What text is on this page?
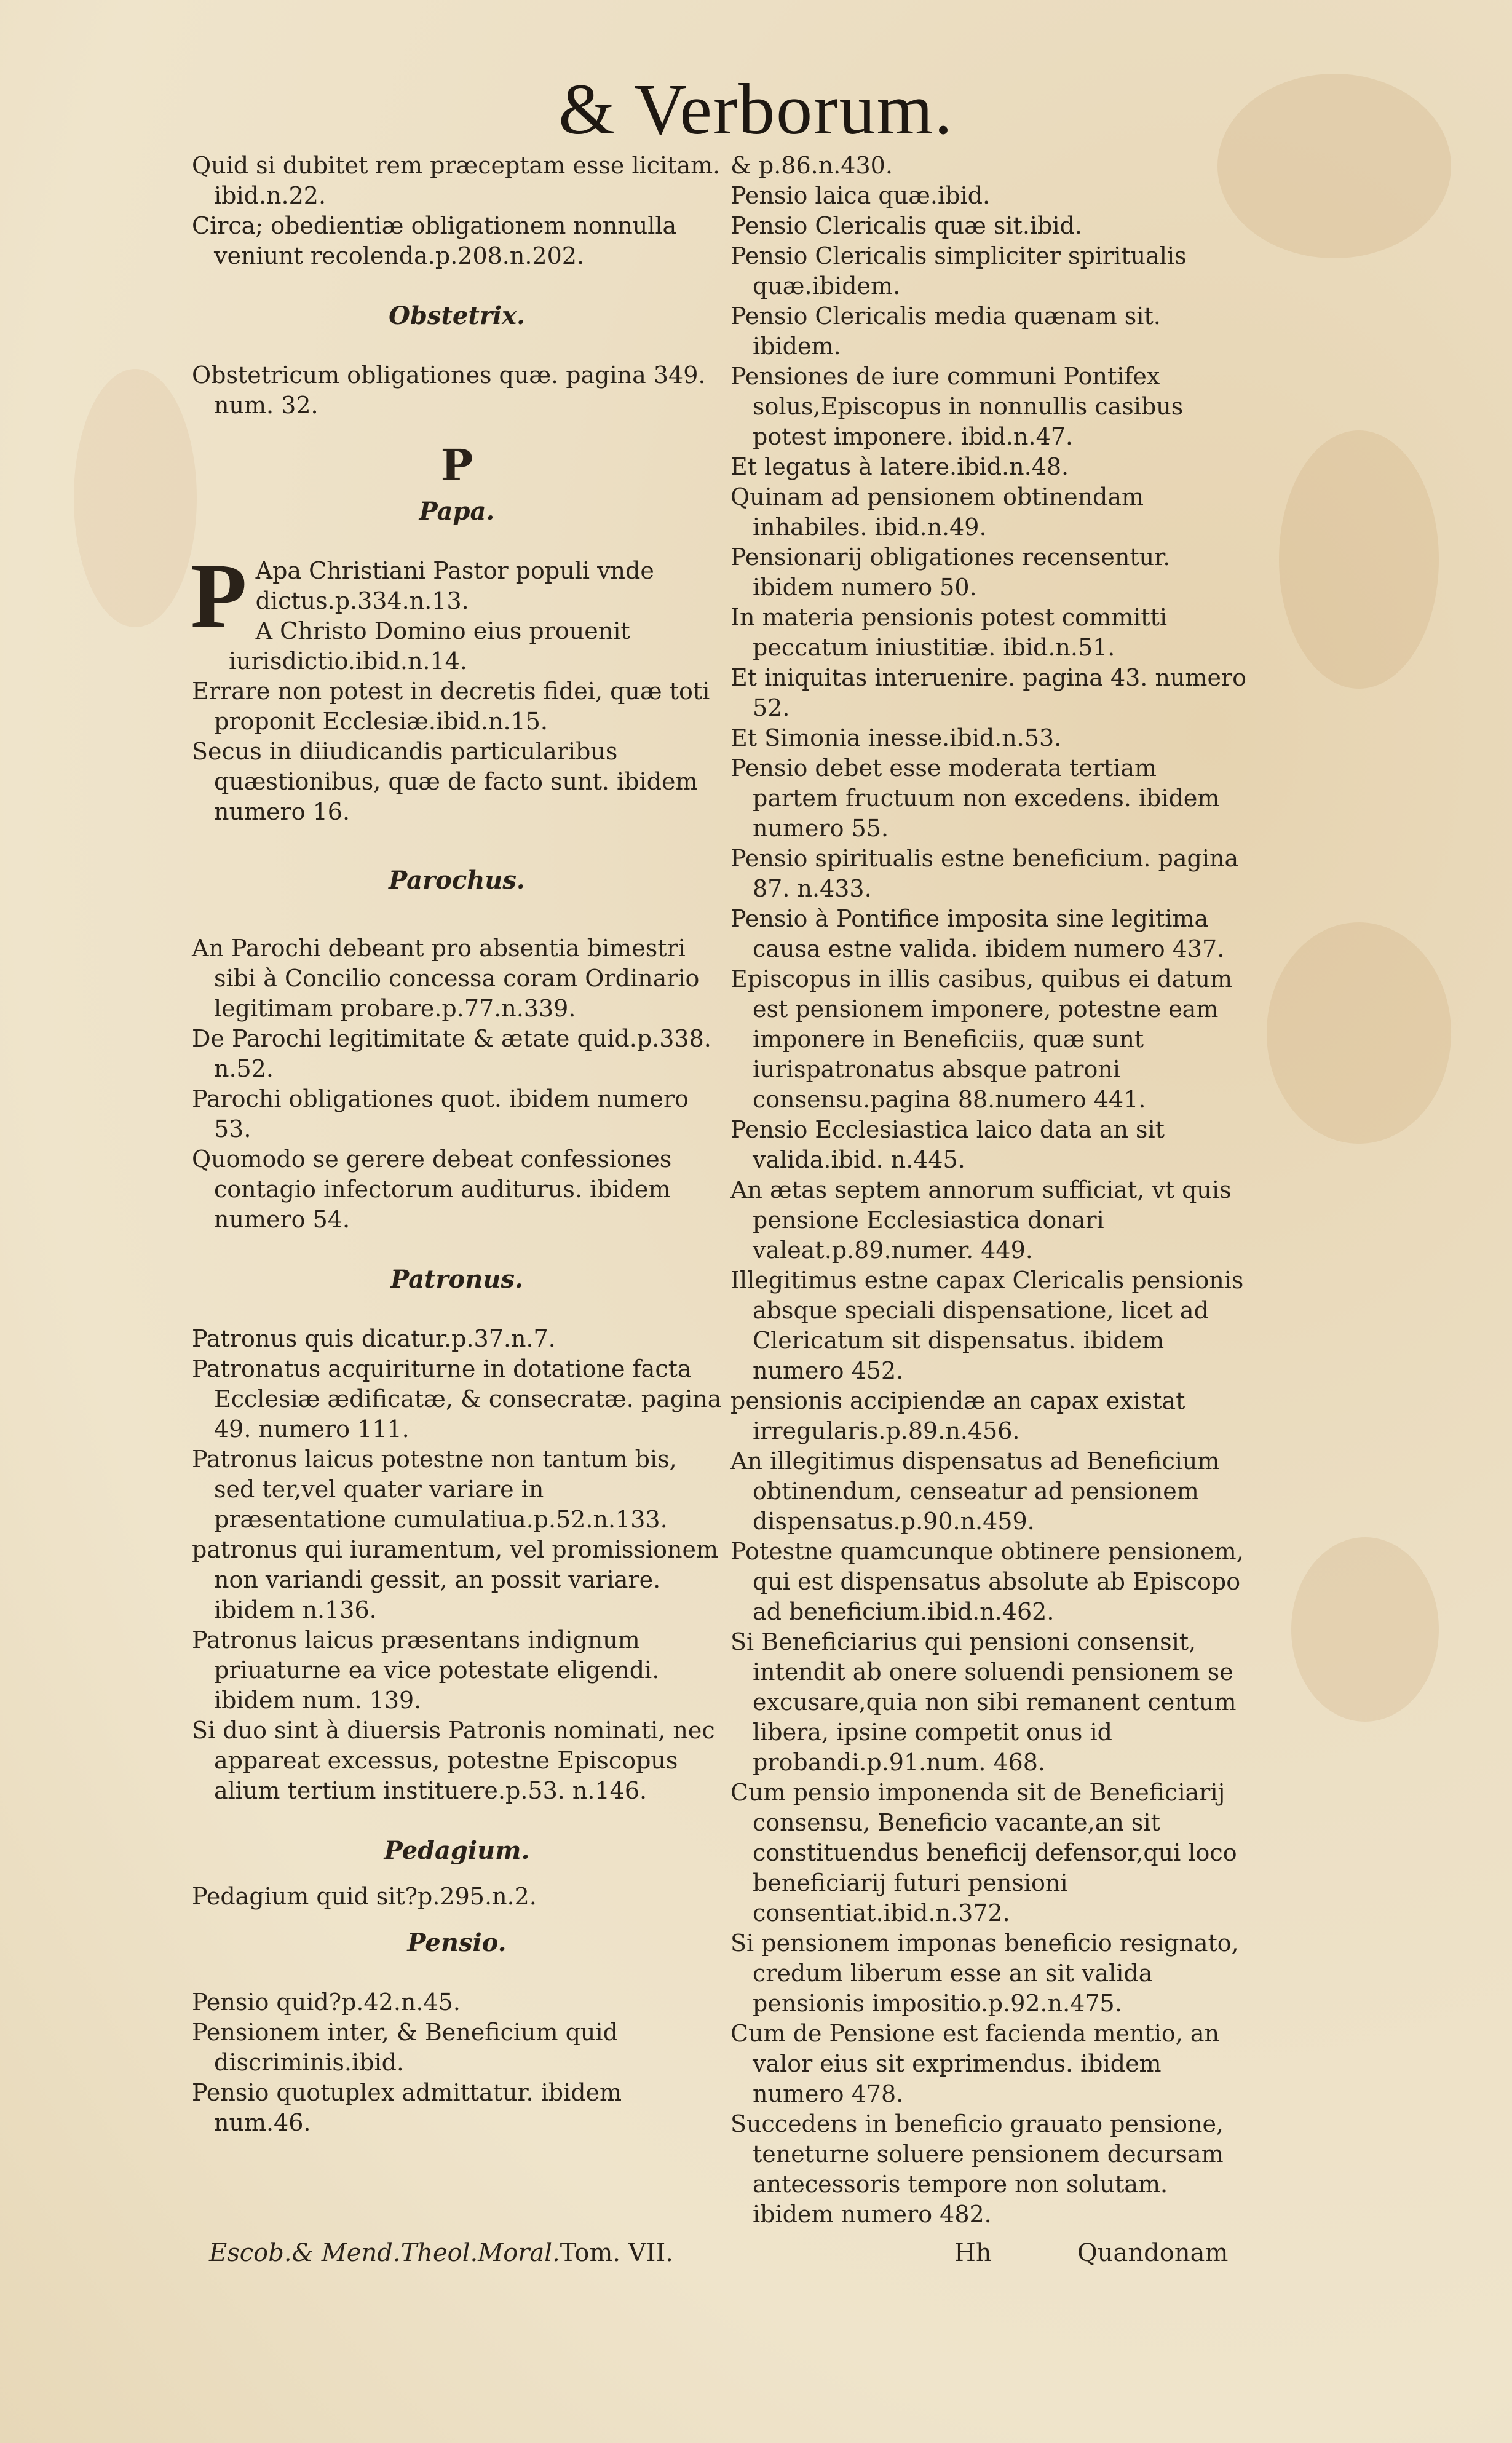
& Verborum.

Quid si dubitet rem præceptam esse licitam. ibid.n.22.

Circa; obedientiæ obligationem nonnulla veniunt recolenda.p.208.n.202.

Obstetrix.

Obstetricum obligationes quæ. pagina 349. num. 32.

P

Papa.

P Apa Christiani Pastor populi vnde dictus.p.334.n.13.

A Christo Domino eius prouenit iurisdictio.ibid.n.14.

Errare non potest in decretis fidei, quæ toti proponit Ecclesiæ.ibid.n.15.

Secus in diiudicandis particularibus quæstionibus, quæ de facto sunt. ibidem numero 16.

Parochus.

An Parochi debeant pro absentia bimestri sibi à Concilio concessa coram Ordinario legitimam probare.p.77.n.339.

De Parochi legitimitate & ætate quid.p.338. n.52.

Parochi obligationes quot. ibidem numero 53.

Quomodo se gerere debeat confessiones contagio infectorum auditurus. ibidem numero 54.

Patronus.

Patronus quis dicatur.p.37.n.7.

Patronatus acquiriturne in dotatione facta Ecclesiæ ædificatæ, & consecratæ. pagina 49. numero 111.

Patronus laicus potestne non tantum bis, sed ter,vel quater variare in præsentatione cumulatiua.p.52.n.133.

patronus qui iuramentum, vel promissionem non variandi gessit, an possit variare. ibidem n.136.

Patronus laicus præsentans indignum priuaturne ea vice potestate eligendi. ibidem num. 139.

Si duo sint à diuersis Patronis nominati, nec appareat excessus, potestne Episcopus alium tertium instituere.p.53. n.146.

Pedagium.

Pedagium quid sit?p.295.n.2.

Pensio.

Pensio quid?p.42.n.45.

Pensionem inter, & Beneficium quid discriminis.ibid.

Pensio quotuplex admittatur. ibidem num.46.

& p.86.n.430.

Pensio laica quæ.ibid.

Pensio Clericalis quæ sit.ibid.

Pensio Clericalis simpliciter spiritualis quæ.ibidem.

Pensio Clericalis media quænam sit. ibidem.

Pensiones de iure communi Pontifex solus,Episcopus in nonnullis casibus potest imponere. ibid.n.47.

Et legatus à latere.ibid.n.48.

Quinam ad pensionem obtinendam inhabiles. ibid.n.49.

Pensionarij obligationes recensentur. ibidem numero 50.

In materia pensionis potest committi peccatum iniustitiæ. ibid.n.51.

Et iniquitas interuenire. pagina 43. numero 52.

Et Simonia inesse.ibid.n.53.

Pensio debet esse moderata tertiam partem fructuum non excedens. ibidem numero 55.

Pensio spiritualis estne beneficium. pagina 87. n.433.

Pensio à Pontifice imposita sine legitima causa estne valida. ibidem numero 437.

Episcopus in illis casibus, quibus ei datum est pensionem imponere, potestne eam imponere in Beneficiis, quæ sunt iurispatronatus absque patroni consensu.pagina 88.numero 441.

Pensio Ecclesiastica laico data an sit valida.ibid. n.445.

An ætas septem annorum sufficiat, vt quis pensione Ecclesiastica donari valeat.p.89.numer. 449.

Illegitimus estne capax Clericalis pensionis absque speciali dispensatione, licet ad Clericatum sit dispensatus. ibidem numero 452.

pensionis accipiendæ an capax existat irregularis.p.89.n.456.

An illegitimus dispensatus ad Beneficium obtinendum, censeatur ad pensionem dispensatus.p.90.n.459.

Potestne quamcunque obtinere pensionem, qui est dispensatus absolute ab Episcopo ad beneficium.ibid.n.462.

Si Beneficiarius qui pensioni consensit, intendit ab onere soluendi pensionem se excusare,quia non sibi remanent centum libera, ipsine competit onus id probandi.p.91.num. 468.

Cum pensio imponenda sit de Beneficiarij consensu, Beneficio vacante,an sit constituendus beneficij defensor,qui loco beneficiarij futuri pensioni consentiat.ibid.n.372.

Si pensionem imponas beneficio resignato, credum liberum esse an sit valida pensionis impositio.p.92.n.475.

Cum de Pensione est facienda mentio, an valor eius sit exprimendus. ibidem numero 478.

Succedens in beneficio grauato pensione, teneturne soluere pensionem decursam antecessoris tempore non solutam. ibidem numero 482.

Escob.& Mend.Theol.Moral.Tom. VII.	Hh	Quandonam
